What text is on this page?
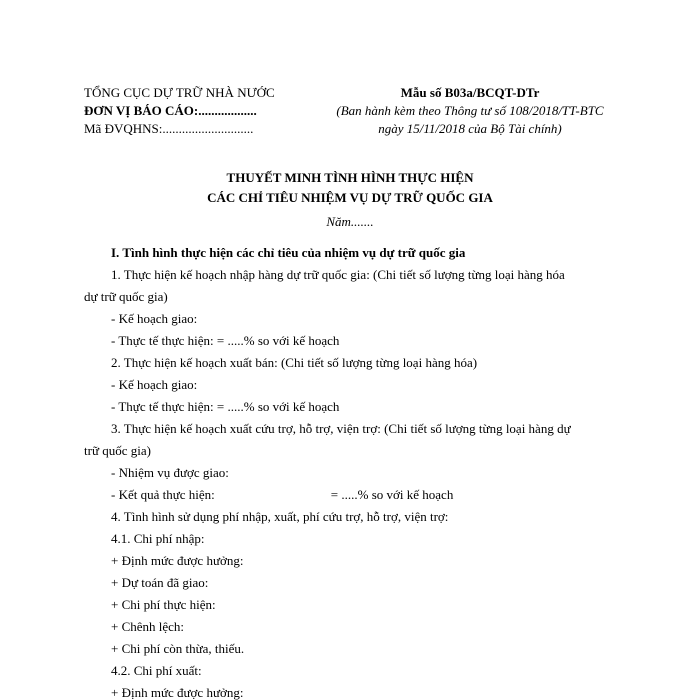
TỔNG CỤC DỰ TRỮ NHÀ NƯỚC
ĐƠN VỊ BÁO CÁO:..................
Mã ĐVQHNS:............................
Mẫu số B03a/BCQT-DTr
(Ban hành kèm theo Thông tư số 108/2018/TT-BTC
ngày 15/11/2018 của Bộ Tài chính)
THUYẾT MINH TÌNH HÌNH THỰC HIỆN
CÁC CHỈ TIÊU NHIỆM VỤ DỰ TRỮ QUỐC GIA
Năm.......
I. Tình hình thực hiện các chỉ tiêu của nhiệm vụ dự trữ quốc gia
1. Thực hiện kế hoạch nhập hàng dự trữ quốc gia: (Chi tiết số lượng từng loại hàng hóa
dự trữ quốc gia)
- Kế hoạch giao:
- Thực tế thực hiện: = .....% so với kế hoạch
2. Thực hiện kế hoạch xuất bán: (Chi tiết số lượng từng loại hàng hóa)
- Kế hoạch giao:
- Thực tế thực hiện: = .....% so với kế hoạch
3. Thực hiện kế hoạch xuất cứu trợ, hỗ trợ, viện trợ: (Chi tiết số lượng từng loại hàng dự
trữ quốc gia)
- Nhiệm vụ được giao:
- Kết quả thực hiện:	= .....% so với kế hoạch
4. Tình hình sử dụng phí nhập, xuất, phí cứu trợ, hỗ trợ, viện trợ:
4.1. Chi phí nhập:
+ Định mức được hưởng:
+ Dự toán đã giao:
+ Chi phí thực hiện:
+ Chênh lệch:
+ Chi phí còn thừa, thiếu.
4.2. Chi phí xuất:
+ Định mức được hưởng:
